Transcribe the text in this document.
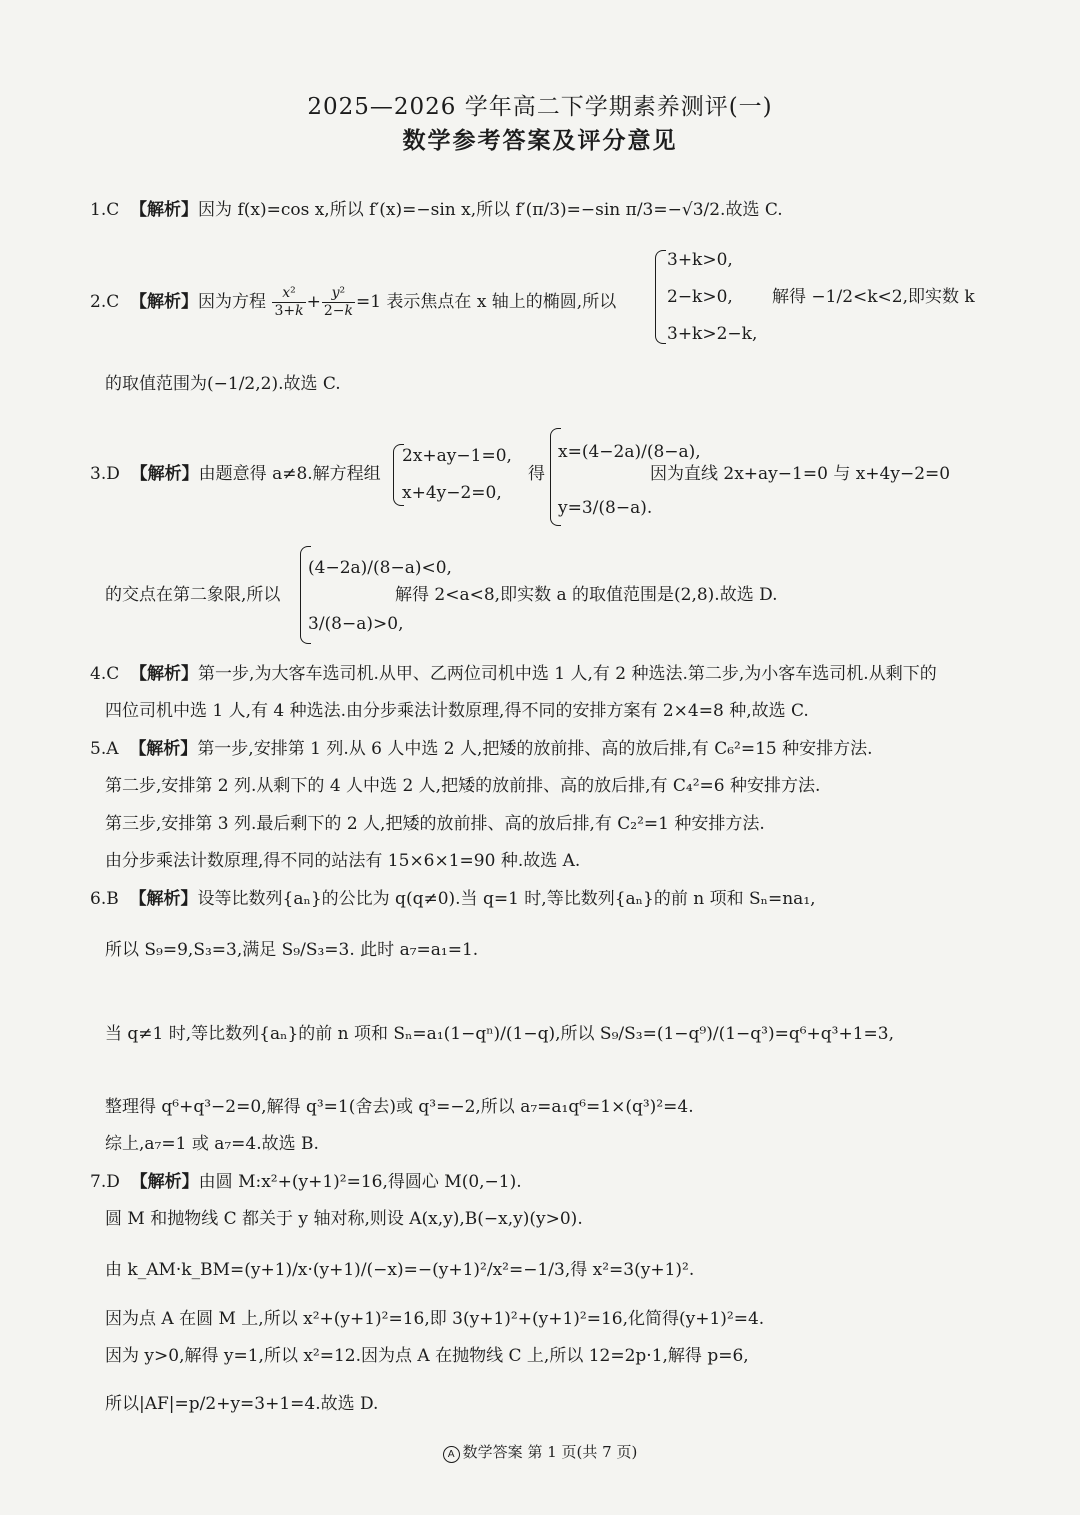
2025—2026 学年高二下学期素养测评(一)
数学参考答案及评分意见
1.C 【解析】因为 f(x)=cos x,所以 f′(x)=−sin x,所以 f′(π/3)=−sin π/3=−√3/2.故选 C.
2.C 【解析】因为方程 $\frac{\text{x²}}{3+k} + \frac{\text{y²}}{2-k} =1$ 表示焦点在 x 轴上的椭圆,所以
3+k>0,
2−k>0,
3+k>2−k,
解得 −1/2<k<2,即实数 k
的取值范围为(−1/2,2).故选 C.
3.D 【解析】由题意得 a≠8.解方程组
2x+ay−1=0,
x+4y−2=0,
得
x=(4−2a)/(8−a),
y=3/(8−a).
因为直线 2x+ay−1=0 与 x+4y−2=0
的交点在第二象限,所以
(4−2a)/(8−a)<0,
3/(8−a)>0,
解得 2<a<8,即实数 a 的取值范围是(2,8).故选 D.
4.C 【解析】第一步,为大客车选司机.从甲、乙两位司机中选 1 人,有 2 种选法.第二步,为小客车选司机.从剩下的
四位司机中选 1 人,有 4 种选法.由分步乘法计数原理,得不同的安排方案有 2×4=8 种,故选 C.
5.A 【解析】第一步,安排第 1 列.从 6 人中选 2 人,把矮的放前排、高的放后排,有 C₆²=15 种安排方法.
第二步,安排第 2 列.从剩下的 4 人中选 2 人,把矮的放前排、高的放后排,有 C₄²=6 种安排方法.
第三步,安排第 3 列.最后剩下的 2 人,把矮的放前排、高的放后排,有 C₂²=1 种安排方法.
由分步乘法计数原理,得不同的站法有 15×6×1=90 种.故选 A.
6.B 【解析】设等比数列{aₙ}的公比为 q(q≠0).当 q=1 时,等比数列{aₙ}的前 n 项和 Sₙ=na₁,
所以 S₉=9,S₃=3,满足 S₉/S₃=3. 此时 a₇=a₁=1.
当 q≠1 时,等比数列{aₙ}的前 n 项和 Sₙ=a₁(1−qⁿ)/(1−q),所以 S₉/S₃=(1−q⁹)/(1−q³)=q⁶+q³+1=3,
整理得 q⁶+q³−2=0,解得 q³=1(舍去)或 q³=−2,所以 a₇=a₁q⁶=1×(q³)²=4.
综上,a₇=1 或 a₇=4.故选 B.
7.D 【解析】由圆 M:x²+(y+1)²=16,得圆心 M(0,−1).
圆 M 和抛物线 C 都关于 y 轴对称,则设 A(x,y),B(−x,y)(y>0).
由 k_AM·k_BM=(y+1)/x·(y+1)/(−x)=−(y+1)²/x²=−1/3,得 x²=3(y+1)².
因为点 A 在圆 M 上,所以 x²+(y+1)²=16,即 3(y+1)²+(y+1)²=16,化简得(y+1)²=4.
因为 y>0,解得 y=1,所以 x²=12.因为点 A 在抛物线 C 上,所以 12=2p·1,解得 p=6,
所以|AF|=p/2+y=3+1=4.故选 D.
A 数学答案 第 1 页(共 7 页)
